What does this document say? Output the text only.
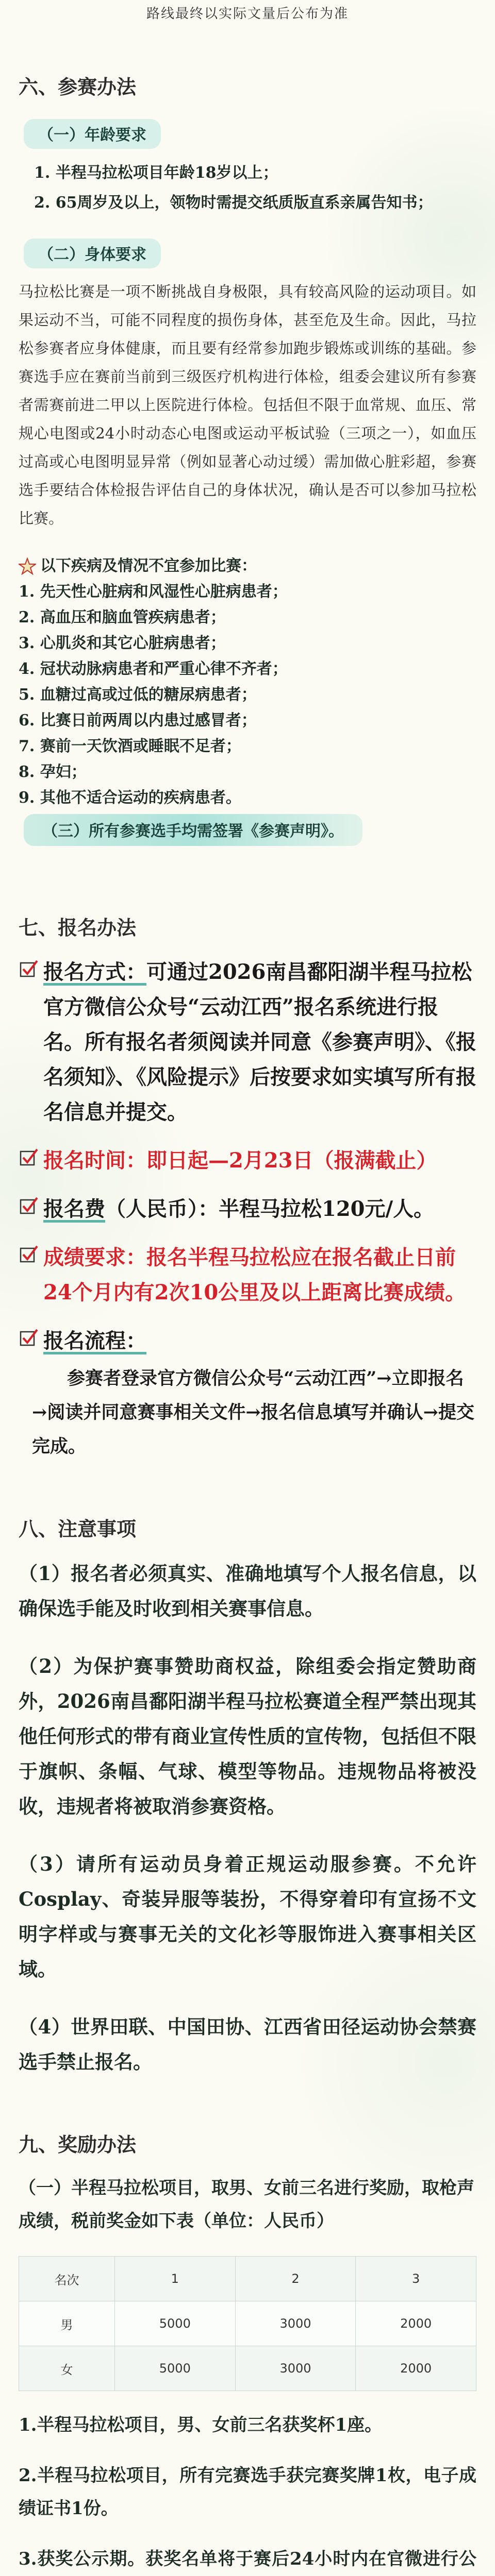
路线最终以实际文量后公布为准
六、参赛办法
（一）年龄要求

1. 半程马拉松项目年龄18岁以上；

2. 65周岁及以上，领物时需提交纸质版直系亲属告知书；

（二）身体要求

马拉松比赛是一项不断挑战自身极限，具有较高风险的运动项目。如果运动不当，可能不同程度的损伤身体，甚至危及生命。因此，马拉松参赛者应身体健康，而且要有经常参加跑步锻炼或训练的基础。参赛选手应在赛前当前到三级医疗机构进行体检，组委会建议所有参赛者需赛前进二甲以上医院进行体检。包括但不限于血常规、血压、常规心电图或24小时动态心电图或运动平板试验（三项之一），如血压过高或心电图明显异常（例如显著心动过缓）需加做心脏彩超，参赛选手要结合体检报告评估自己的身体状况，确认是否可以参加马拉松比赛。

以下疾病及情况不宜参加比赛：
1. 先天性心脏病和风湿性心脏病患者；
2. 高血压和脑血管疾病患者；
3. 心肌炎和其它心脏病患者；
4. 冠状动脉病患者和严重心律不齐者；
5. 血糖过高或过低的糖尿病患者；
6. 比赛日前两周以内患过感冒者；
7. 赛前一天饮酒或睡眠不足者；
8. 孕妇；
9. 其他不适合运动的疾病患者。
（三）所有参赛选手均需签署《参赛声明》。
七、报名办法
报名方式：可通过2026南昌鄱阳湖半程马拉松官方微信公众号“云动江西”报名系统进行报名。所有报名者须阅读并同意《参赛声明》、《报名须知》、《风险提示》后按要求如实填写所有报名信息并提交。
报名时间：即日起—2月23日（报满截止）
报名费（人民币）：半程马拉松120元/人。
成绩要求：报名半程马拉松应在报名截止日前24个月内有2次10公里及以上距离比赛成绩。
报名流程：
参赛者登录官方微信公众号“云动江西”→立即报名→阅读并同意赛事相关文件→报名信息填写并确认→提交完成。
八、注意事项

（1）报名者必须真实、准确地填写个人报名信息，以确保选手能及时收到相关赛事信息。

（2）为保护赛事赞助商权益，除组委会指定赞助商外，2026南昌鄱阳湖半程马拉松赛道全程严禁出现其他任何形式的带有商业宣传性质的宣传物，包括但不限于旗帜、条幅、气球、模型等物品。违规物品将被没收，违规者将被取消参赛资格。

（3）请所有运动员身着正规运动服参赛。不允许Cosplay、奇装异服等装扮，不得穿着印有宣扬不文明字样或与赛事无关的文化衫等服饰进入赛事相关区域。

（4）世界田联、中国田协、江西省田径运动协会禁赛选手禁止报名。

九、奖励办法

（一）半程马拉松项目，取男、女前三名进行奖励，取枪声成绩，税前奖金如下表（单位：人民币）

名次	1	2	3
男	5000	3000	2000
女	5000	3000	2000

1.半程马拉松项目，男、女前三名获奖杯1座。

2.半程马拉松项目，所有完赛选手获完赛奖牌1枚，电子成绩证书1份。

3.获奖公示期。获奖名单将于赛后24小时内在官微进行公
